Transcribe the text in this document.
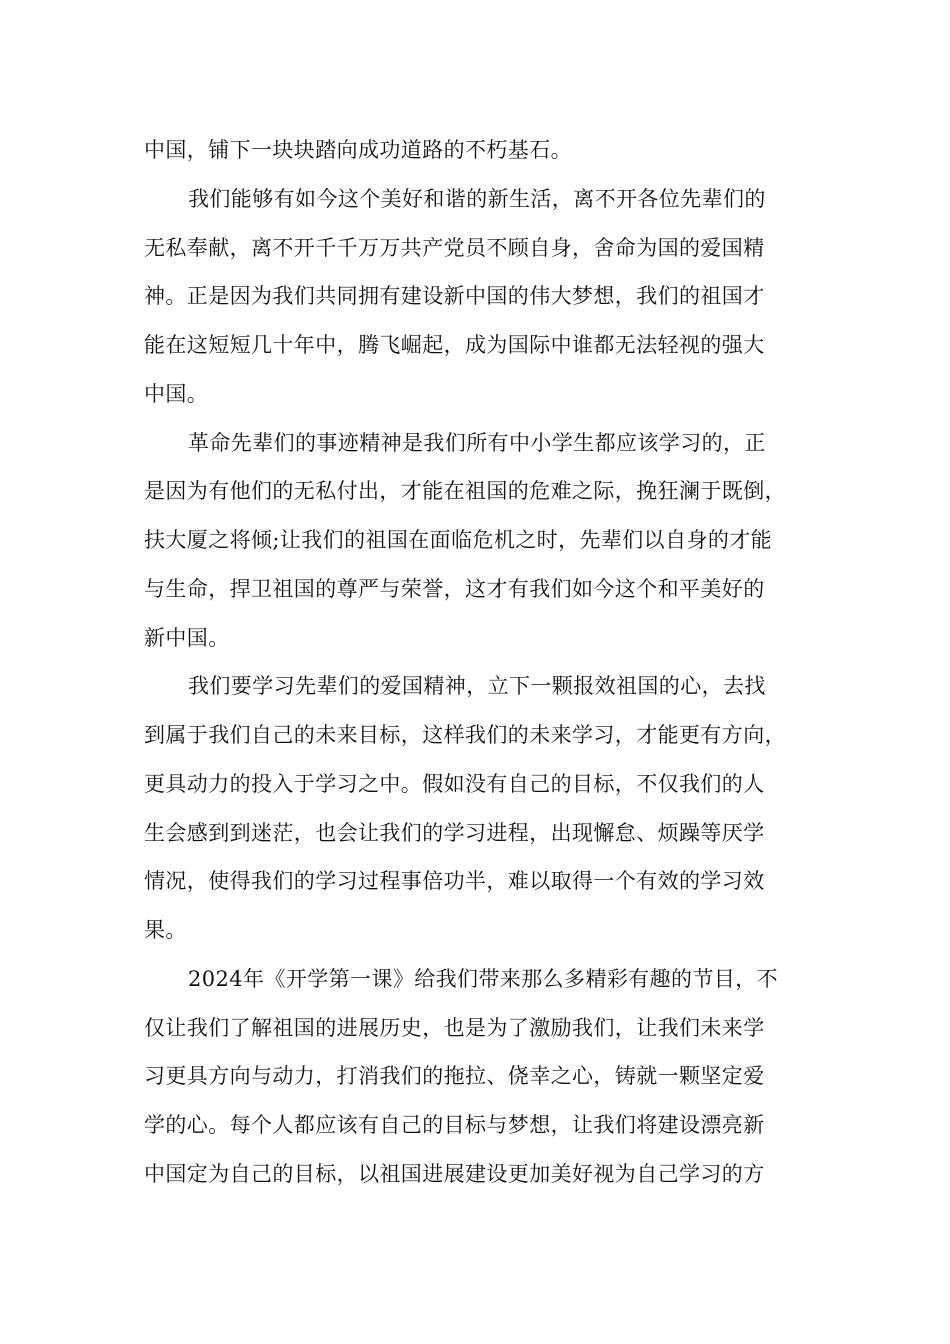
中国，铺下一块块踏向成功道路的不朽基石。
我们能够有如今这个美好和谐的新生活，离不开各位先辈们的
无私奉献，离不开千千万万共产党员不顾自身，舍命为国的爱国精
神。正是因为我们共同拥有建设新中国的伟大梦想，我们的祖国才
能在这短短几十年中，腾飞崛起，成为国际中谁都无法轻视的强大
中国。
革命先辈们的事迹精神是我们所有中小学生都应该学习的，正
是因为有他们的无私付出，才能在祖国的危难之际，挽狂澜于既倒，
扶大厦之将倾;让我们的祖国在面临危机之时，先辈们以自身的才能
与生命，捍卫祖国的尊严与荣誉，这才有我们如今这个和平美好的
新中国。
我们要学习先辈们的爱国精神，立下一颗报效祖国的心，去找
到属于我们自己的未来目标，这样我们的未来学习，才能更有方向，
更具动力的投入于学习之中。假如没有自己的目标，不仅我们的人
生会感到到迷茫，也会让我们的学习进程，出现懈怠、烦躁等厌学
情况，使得我们的学习过程事倍功半，难以取得一个有效的学习效
果。
2024年《开学第一课》给我们带来那么多精彩有趣的节目，不
仅让我们了解祖国的进展历史，也是为了激励我们，让我们未来学
习更具方向与动力，打消我们的拖拉、侥幸之心，铸就一颗坚定爱
学的心。每个人都应该有自己的目标与梦想，让我们将建设漂亮新
中国定为自己的目标，以祖国进展建设更加美好视为自己学习的方
